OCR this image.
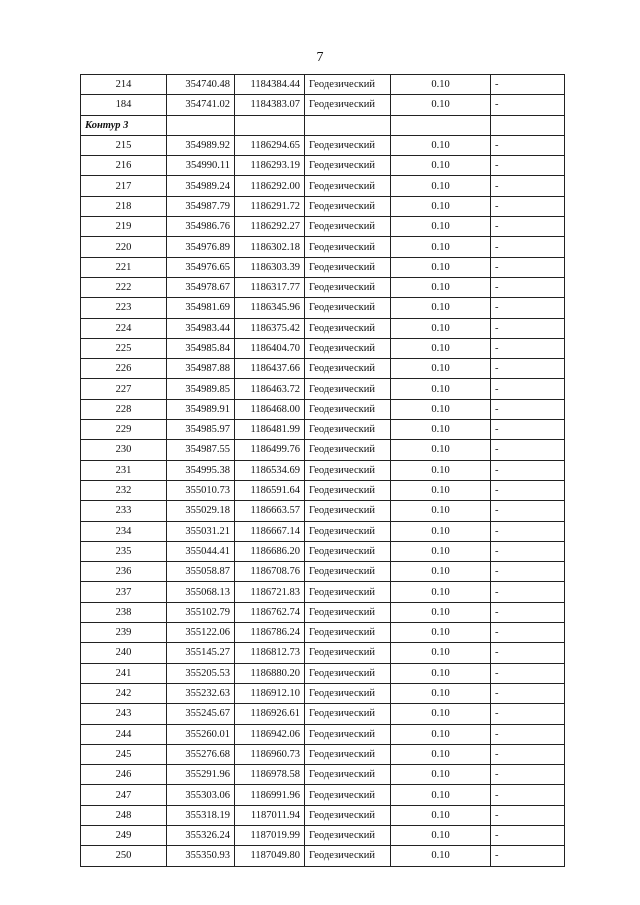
7
214	354740.48	1184384.44	Геодезический	0.10	-
184	354741.02	1184383.07	Геодезический	0.10	-
Контур 3					
215	354989.92	1186294.65	Геодезический	0.10	-
216	354990.11	1186293.19	Геодезический	0.10	-
217	354989.24	1186292.00	Геодезический	0.10	-
218	354987.79	1186291.72	Геодезический	0.10	-
219	354986.76	1186292.27	Геодезический	0.10	-
220	354976.89	1186302.18	Геодезический	0.10	-
221	354976.65	1186303.39	Геодезический	0.10	-
222	354978.67	1186317.77	Геодезический	0.10	-
223	354981.69	1186345.96	Геодезический	0.10	-
224	354983.44	1186375.42	Геодезический	0.10	-
225	354985.84	1186404.70	Геодезический	0.10	-
226	354987.88	1186437.66	Геодезический	0.10	-
227	354989.85	1186463.72	Геодезический	0.10	-
228	354989.91	1186468.00	Геодезический	0.10	-
229	354985.97	1186481.99	Геодезический	0.10	-
230	354987.55	1186499.76	Геодезический	0.10	-
231	354995.38	1186534.69	Геодезический	0.10	-
232	355010.73	1186591.64	Геодезический	0.10	-
233	355029.18	1186663.57	Геодезический	0.10	-
234	355031.21	1186667.14	Геодезический	0.10	-
235	355044.41	1186686.20	Геодезический	0.10	-
236	355058.87	1186708.76	Геодезический	0.10	-
237	355068.13	1186721.83	Геодезический	0.10	-
238	355102.79	1186762.74	Геодезический	0.10	-
239	355122.06	1186786.24	Геодезический	0.10	-
240	355145.27	1186812.73	Геодезический	0.10	-
241	355205.53	1186880.20	Геодезический	0.10	-
242	355232.63	1186912.10	Геодезический	0.10	-
243	355245.67	1186926.61	Геодезический	0.10	-
244	355260.01	1186942.06	Геодезический	0.10	-
245	355276.68	1186960.73	Геодезический	0.10	-
246	355291.96	1186978.58	Геодезический	0.10	-
247	355303.06	1186991.96	Геодезический	0.10	-
248	355318.19	1187011.94	Геодезический	0.10	-
249	355326.24	1187019.99	Геодезический	0.10	-
250	355350.93	1187049.80	Геодезический	0.10	-
